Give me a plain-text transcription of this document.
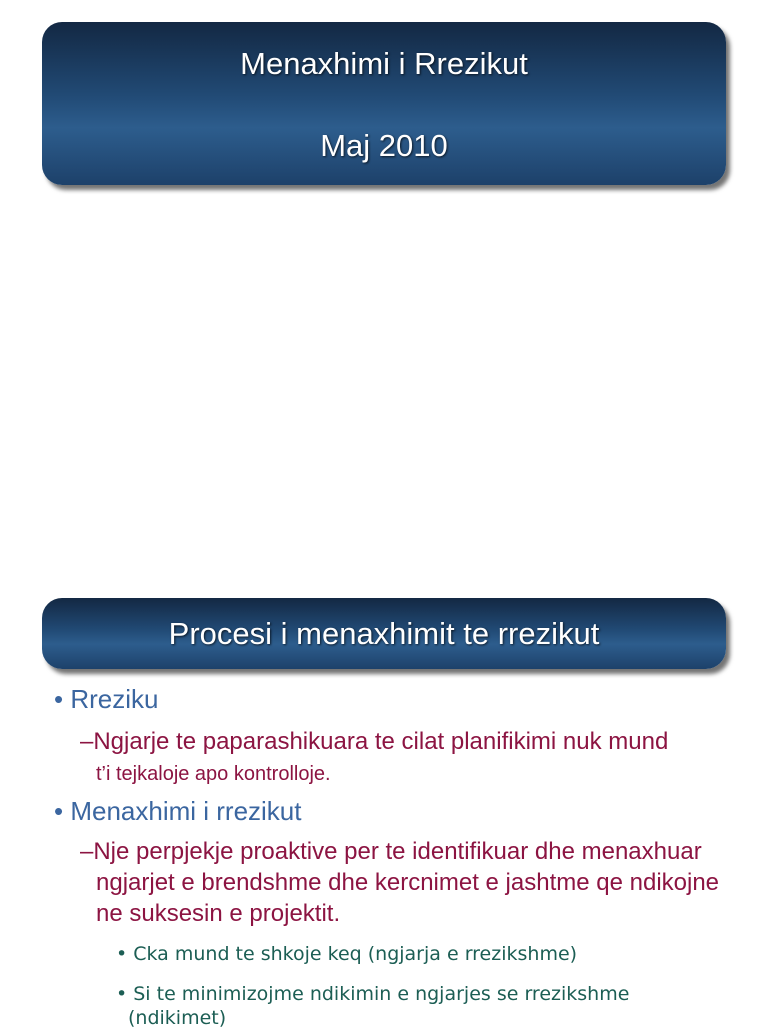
Menaxhimi i Rrezikut
Maj 2010
Procesi i menaxhimit te rrezikut
• Rreziku
–Ngjarje te paparashikuara te cilat planifikimi nuk mund
t’i tejkaloje apo kontrolloje.
• Menaxhimi i rrezikut
–Nje perpjekje proaktive per te identifikuar dhe menaxhuar ngjarjet e brendshme dhe kercnimet e jashtme qe ndikojne ne suksesin e projektit.
• Cka mund te shkoje keq (ngjarja e rrezikshme)
• Si te minimizojme ndikimin e ngjarjes se rrezikshme (ndikimet)
